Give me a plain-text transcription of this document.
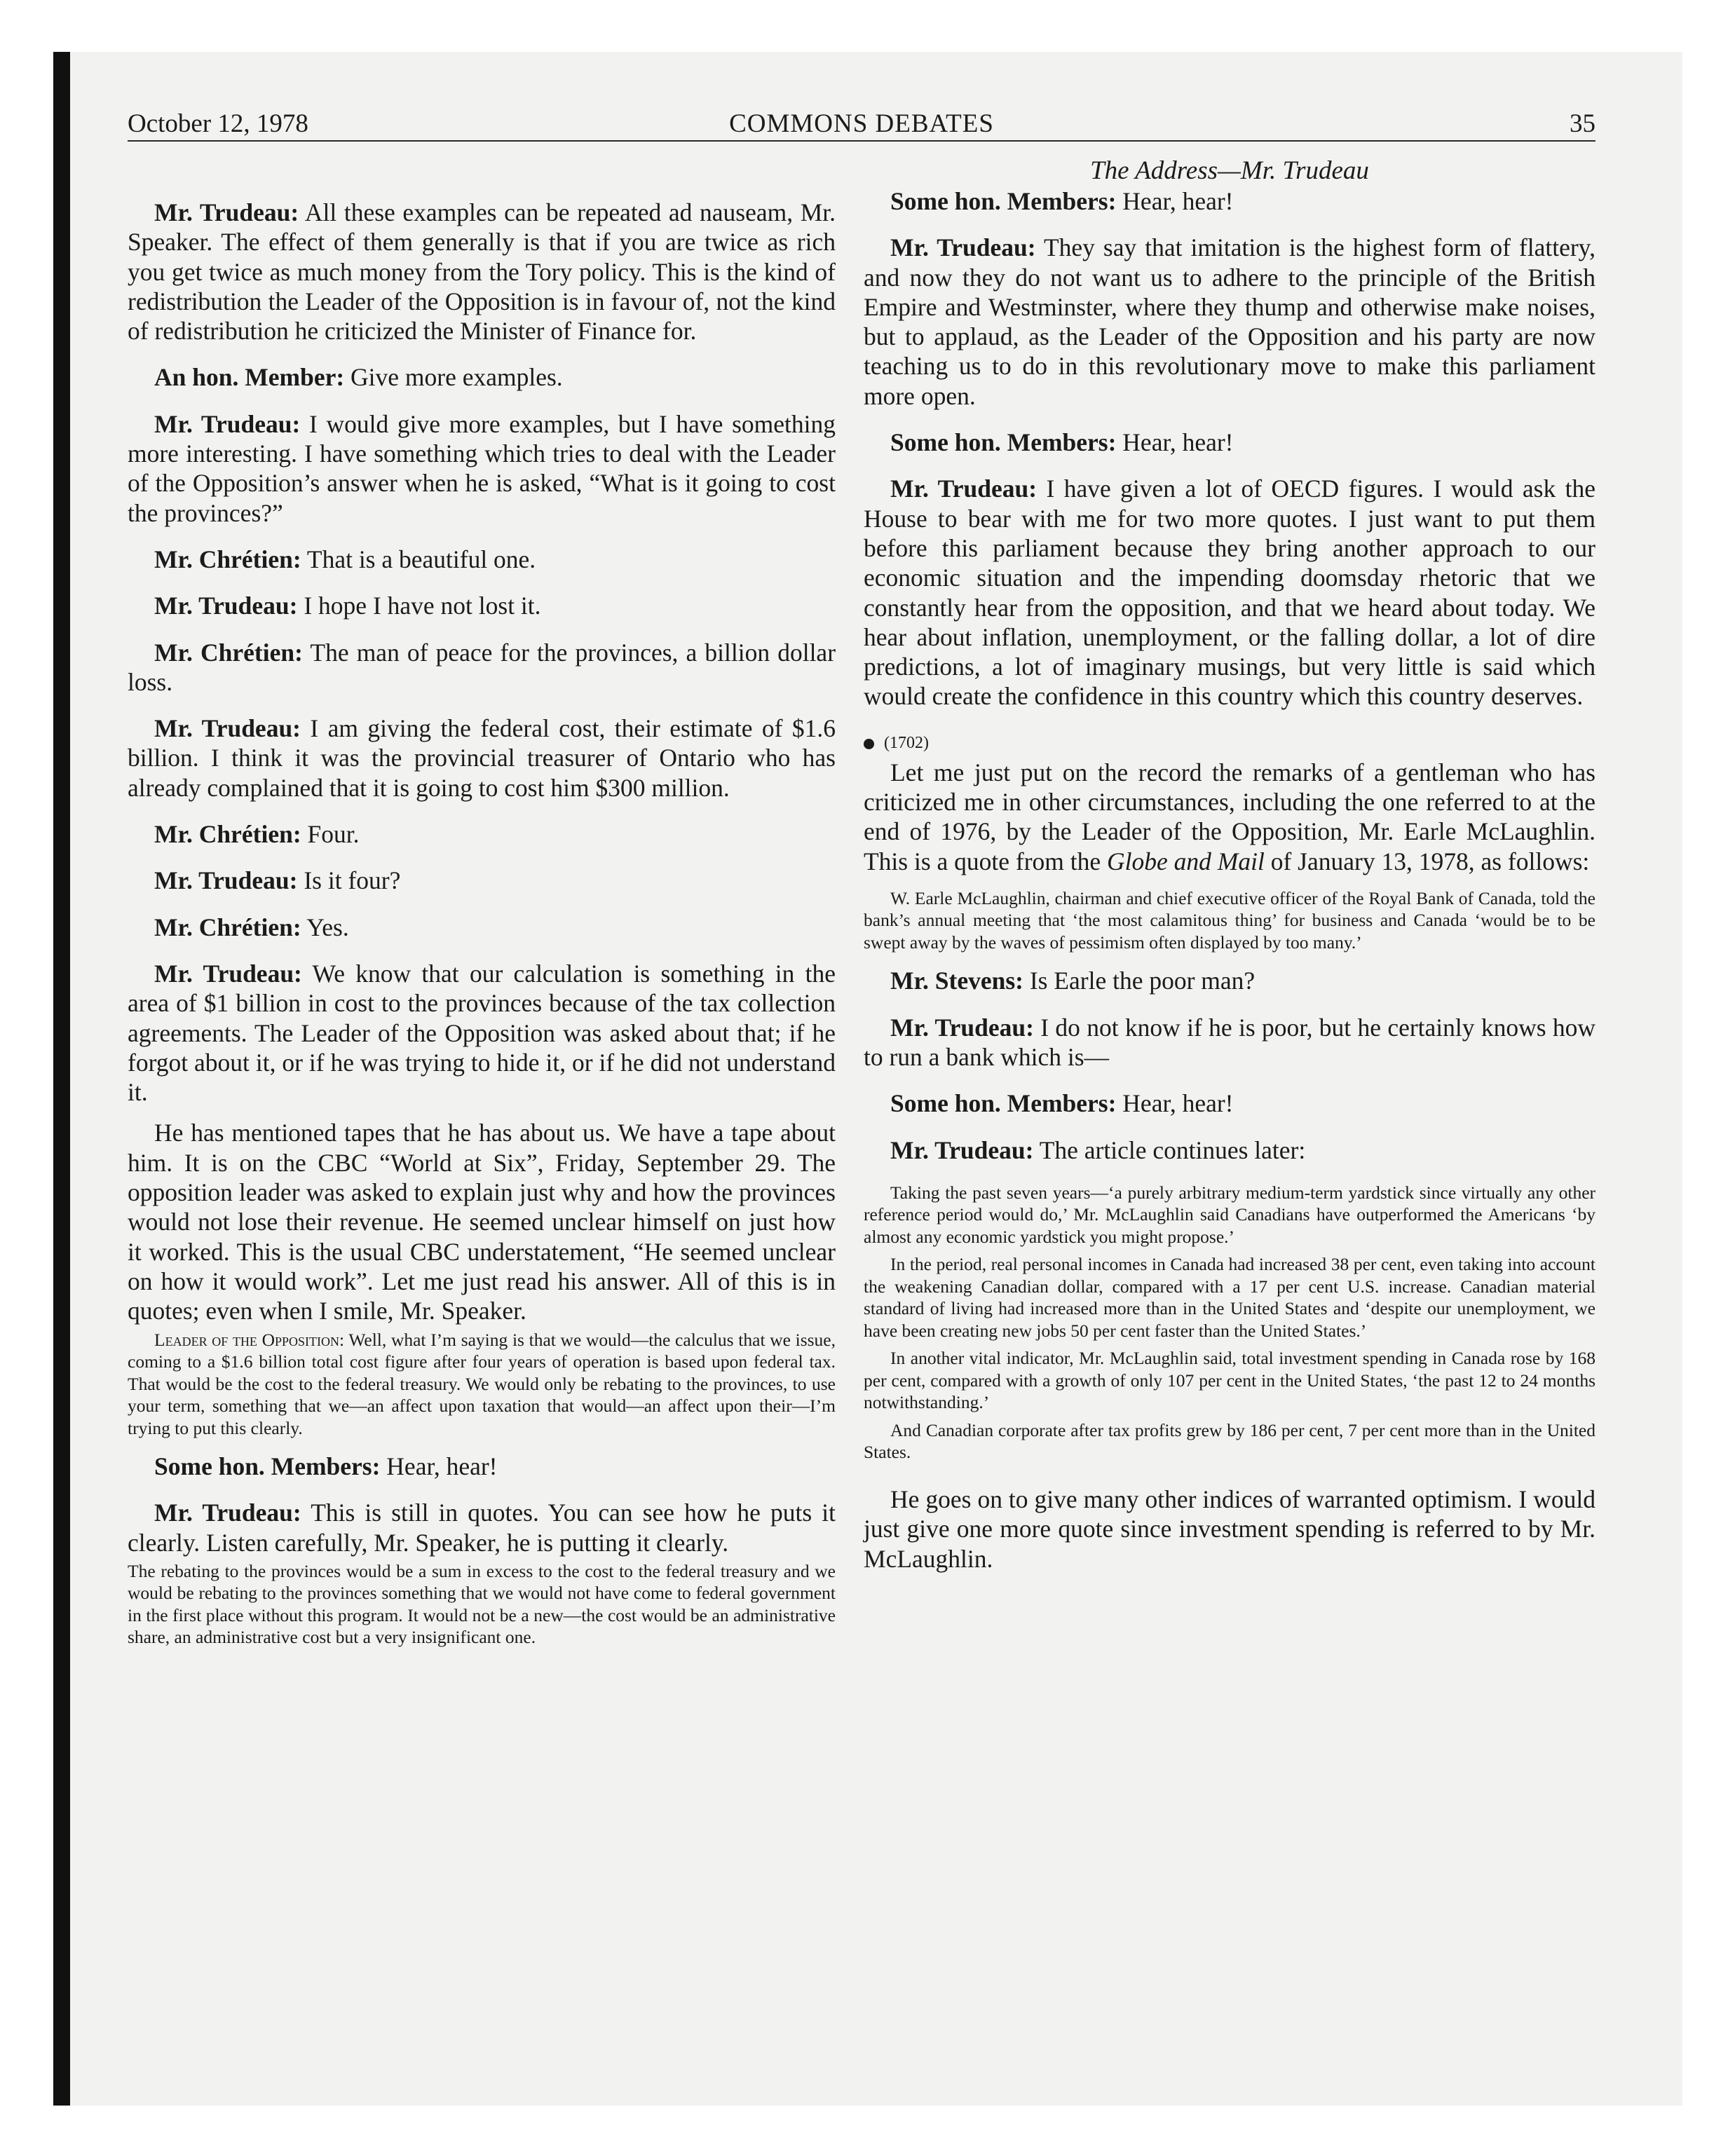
October 12, 1978	COMMONS DEBATES	35
The Address—Mr. Trudeau

Mr. Trudeau: All these examples can be repeated ad nauseam, Mr. Speaker. The effect of them generally is that if you are twice as rich you get twice as much money from the Tory policy. This is the kind of redistribution the Leader of the Opposition is in favour of, not the kind of redistribution he criticized the Minister of Finance for.

An hon. Member: Give more examples.

Mr. Trudeau: I would give more examples, but I have something more interesting. I have something which tries to deal with the Leader of the Opposition’s answer when he is asked, “What is it going to cost the provinces?”

Mr. Chrétien: That is a beautiful one.

Mr. Trudeau: I hope I have not lost it.

Mr. Chrétien: The man of peace for the provinces, a billion dollar loss.

Mr. Trudeau: I am giving the federal cost, their estimate of $1.6 billion. I think it was the provincial treasurer of Ontario who has already complained that it is going to cost him $300 million.

Mr. Chrétien: Four.

Mr. Trudeau: Is it four?

Mr. Chrétien: Yes.

Mr. Trudeau: We know that our calculation is something in the area of $1 billion in cost to the provinces because of the tax collection agreements. The Leader of the Opposition was asked about that; if he forgot about it, or if he was trying to hide it, or if he did not understand it.

He has mentioned tapes that he has about us. We have a tape about him. It is on the CBC “World at Six”, Friday, September 29. The opposition leader was asked to explain just why and how the provinces would not lose their revenue. He seemed unclear himself on just how it worked. This is the usual CBC understatement, “He seemed unclear on how it would work”. Let me just read his answer. All of this is in quotes; even when I smile, Mr. Speaker.

Leader of the Opposition: Well, what I’m saying is that we would—the calculus that we issue, coming to a $1.6 billion total cost figure after four years of operation is based upon federal tax. That would be the cost to the federal treasury. We would only be rebating to the provinces, to use your term, something that we—an affect upon taxation that would—an affect upon their—I’m trying to put this clearly.

Some hon. Members: Hear, hear!

Mr. Trudeau: This is still in quotes. You can see how he puts it clearly. Listen carefully, Mr. Speaker, he is putting it clearly.

The rebating to the provinces would be a sum in excess to the cost to the federal treasury and we would be rebating to the provinces something that we would not have come to federal government in the first place without this program. It would not be a new—the cost would be an administrative share, an administrative cost but a very insignificant one.

Some hon. Members: Hear, hear!

Mr. Trudeau: They say that imitation is the highest form of flattery, and now they do not want us to adhere to the principle of the British Empire and Westminster, where they thump and otherwise make noises, but to applaud, as the Leader of the Opposition and his party are now teaching us to do in this revolutionary move to make this parliament more open.

Some hon. Members: Hear, hear!

Mr. Trudeau: I have given a lot of OECD figures. I would ask the House to bear with me for two more quotes. I just want to put them before this parliament because they bring another approach to our economic situation and the impending doomsday rhetoric that we constantly hear from the opposition, and that we heard about today. We hear about inflation, unemployment, or the falling dollar, a lot of dire predictions, a lot of imaginary musings, but very little is said which would create the confidence in this country which this country deserves.

(1702)

Let me just put on the record the remarks of a gentleman who has criticized me in other circumstances, including the one referred to at the end of 1976, by the Leader of the Opposition, Mr. Earle McLaughlin. This is a quote from the Globe and Mail of January 13, 1978, as follows:

W. Earle McLaughlin, chairman and chief executive officer of the Royal Bank of Canada, told the bank’s annual meeting that ‘the most calamitous thing’ for business and Canada ‘would be to be swept away by the waves of pessimism often displayed by too many.’

Mr. Stevens: Is Earle the poor man?

Mr. Trudeau: I do not know if he is poor, but he certainly knows how to run a bank which is—

Some hon. Members: Hear, hear!

Mr. Trudeau: The article continues later:

Taking the past seven years—‘a purely arbitrary medium-term yardstick since virtually any other reference period would do,’ Mr. McLaughlin said Canadians have outperformed the Americans ‘by almost any economic yardstick you might propose.’

In the period, real personal incomes in Canada had increased 38 per cent, even taking into account the weakening Canadian dollar, compared with a 17 per cent U.S. increase. Canadian material standard of living had increased more than in the United States and ‘despite our unemployment, we have been creating new jobs 50 per cent faster than the United States.’

In another vital indicator, Mr. McLaughlin said, total investment spending in Canada rose by 168 per cent, compared with a growth of only 107 per cent in the United States, ‘the past 12 to 24 months notwithstanding.’

And Canadian corporate after tax profits grew by 186 per cent, 7 per cent more than in the United States.

He goes on to give many other indices of warranted optimism. I would just give one more quote since investment spending is referred to by Mr. McLaughlin.
